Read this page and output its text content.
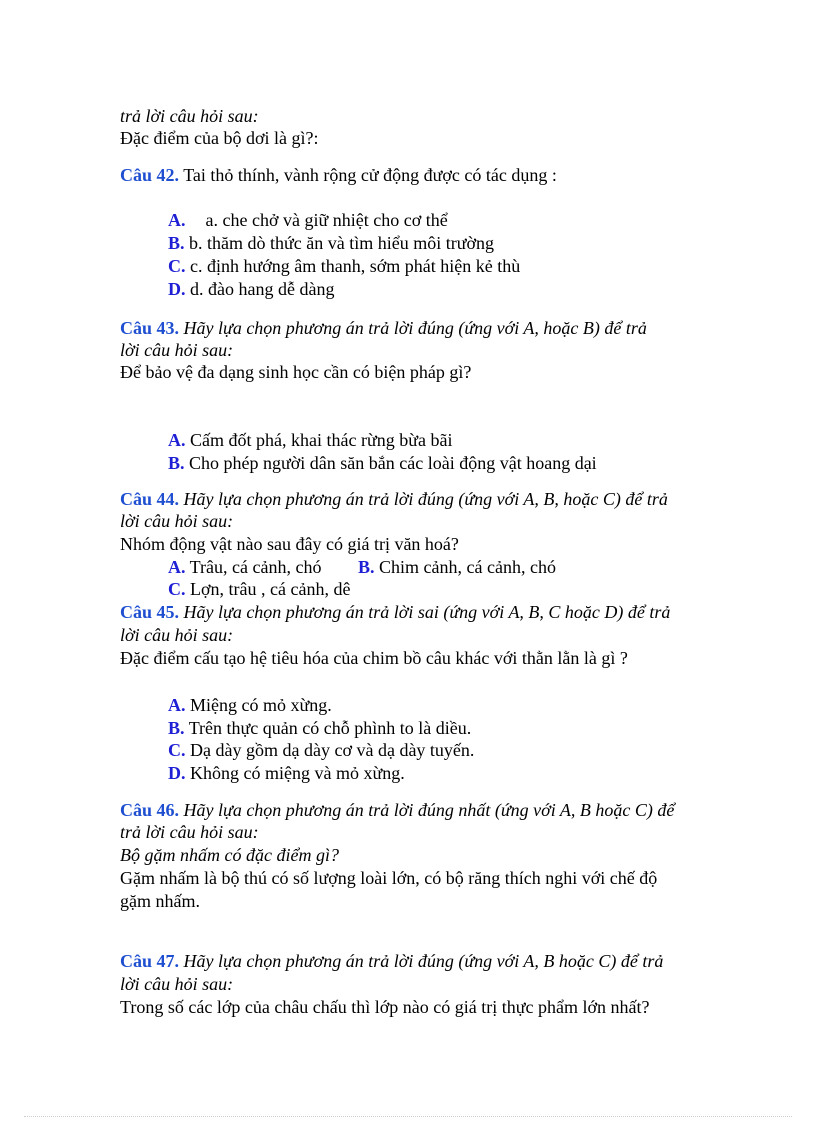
trả lời câu hỏi sau:
Đặc điểm của bộ dơi là gì?:
Câu 42. Tai thỏ thính, vành rộng cử động được có tác dụng :
A. a. che chở và giữ nhiệt cho cơ thể
B. b. thăm dò thức ăn và tìm hiểu môi trường
C. c. định hướng âm thanh, sớm phát hiện kẻ thù
D. d. đào hang dễ dàng
Câu 43. Hãy lựa chọn phương án trả lời đúng (ứng với A, hoặc B) để trả
lời câu hỏi sau:
Để bảo vệ đa dạng sinh học cần có biện pháp gì?
A. Cấm đốt phá, khai thác rừng bừa bãi
B. Cho phép người dân săn bắn các loài động vật hoang dại
Câu 44. Hãy lựa chọn phương án trả lời đúng (ứng với A, B, hoặc C) để trả
lời câu hỏi sau:
Nhóm động vật nào sau đây có giá trị văn hoá?
A. Trâu, cá cảnh, chó B. Chim cảnh, cá cảnh, chó
C. Lợn, trâu , cá cảnh, dê
Câu 45. Hãy lựa chọn phương án trả lời sai (ứng với A, B, C hoặc D) để trả
lời câu hỏi sau:
Đặc điểm cấu tạo hệ tiêu hóa của chim bồ câu khác với thằn lằn là gì ?
A. Miệng có mỏ xừng.
B. Trên thực quản có chỗ phình to là diều.
C. Dạ dày gồm dạ dày cơ và dạ dày tuyến.
D. Không có miệng và mỏ xừng.
Câu 46. Hãy lựa chọn phương án trả lời đúng nhất (ứng với A, B hoặc C) để
trả lời câu hỏi sau:
Bộ gặm nhấm có đặc điểm gì?
Gặm nhấm là bộ thú có số lượng loài lớn, có bộ răng thích nghi với chế độ
gặm nhấm.
Câu 47. Hãy lựa chọn phương án trả lời đúng (ứng với A, B hoặc C) để trả
lời câu hỏi sau:
Trong số các lớp của châu chấu thì lớp nào có giá trị thực phẩm lớn nhất?
